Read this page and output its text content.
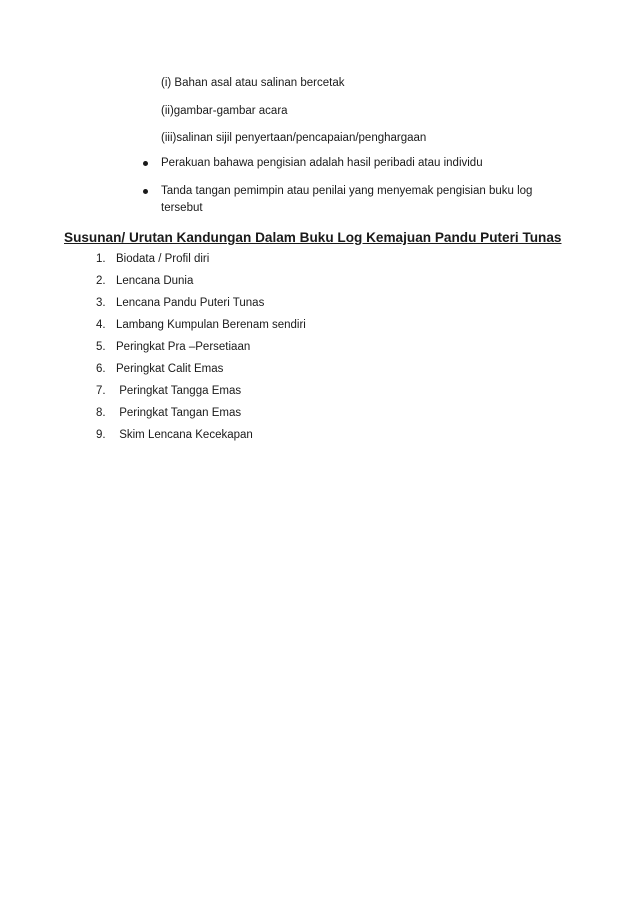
(i) Bahan asal atau salinan bercetak
(ii)gambar-gambar acara
(iii)salinan sijil penyertaan/pencapaian/penghargaan
Perakuan bahawa pengisian adalah hasil peribadi atau individu
Tanda tangan pemimpin atau penilai yang menyemak pengisian buku log tersebut
Susunan/ Urutan Kandungan Dalam Buku Log Kemajuan Pandu Puteri Tunas
1. Biodata / Profil diri
2. Lencana Dunia
3. Lencana Pandu Puteri Tunas
4. Lambang Kumpulan Berenam sendiri
5. Peringkat Pra –Persetiaan
6. Peringkat Calit Emas
7. Peringkat Tangga Emas
8. Peringkat Tangan Emas
9. Skim Lencana Kecekapan
